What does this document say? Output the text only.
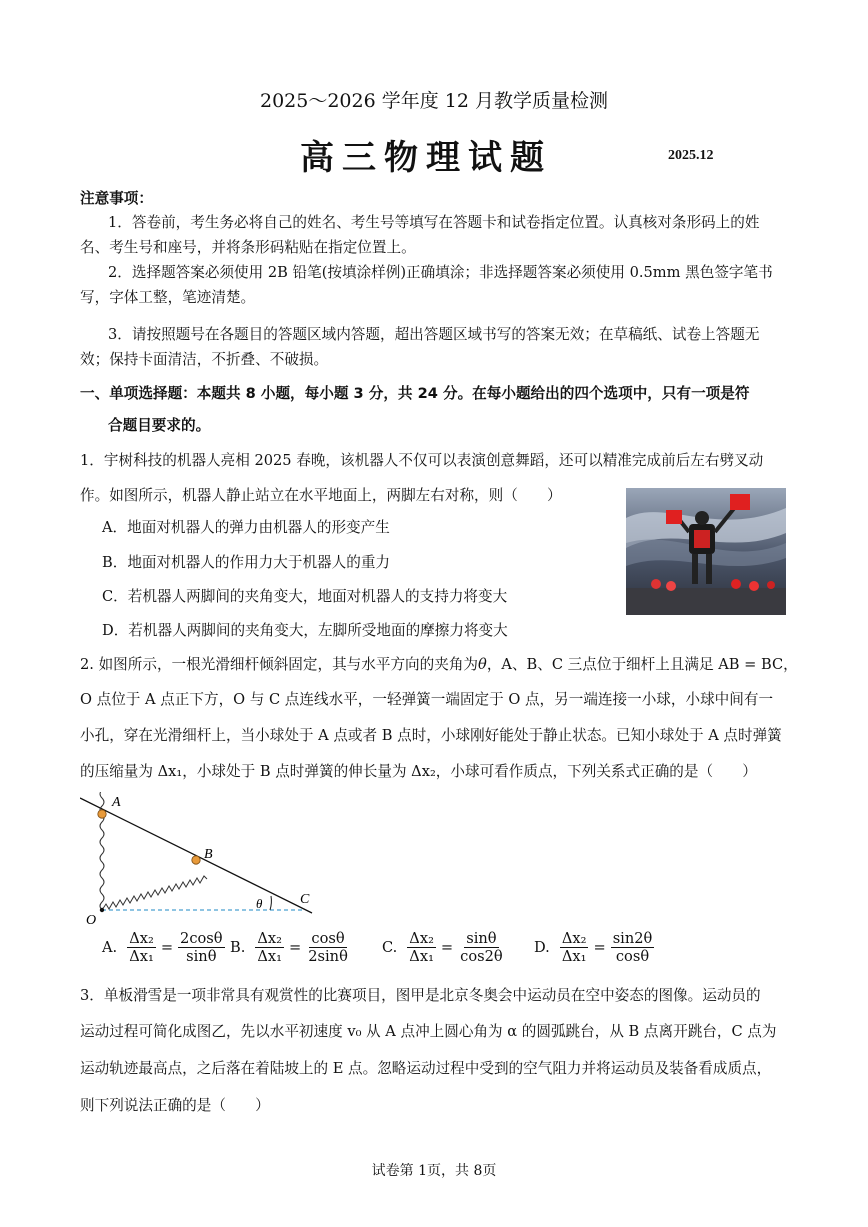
2025～2026 学年度 12 月教学质量检测
高三物理试题	2025.12
注意事项：
1．答卷前，考生务必将自己的姓名、考生号等填写在答题卡和试卷指定位置。认真核对条形码上的姓
名、考生号和座号，并将条形码粘贴在指定位置上。
2．选择题答案必须使用 2B 铅笔(按填涂样例)正确填涂；非选择题答案必须使用 0.5mm 黑色签字笔书
写，字体工整，笔迹清楚。
3．请按照题号在各题目的答题区域内答题，超出答题区域书写的答案无效；在草稿纸、试卷上答题无
效；保持卡面清洁，不折叠、不破损。
一、单项选择题：本题共 8 小题，每小题 3 分，共 24 分。在每小题给出的四个选项中，只有一项是符
合题目要求的。
1．宇树科技的机器人亮相 2025 春晚，该机器人不仅可以表演创意舞蹈，还可以精准完成前后左右劈叉动
作。如图所示，机器人静止站立在水平地面上，两脚左右对称，则（　　）
A．地面对机器人的弹力由机器人的形变产生
B．地面对机器人的作用力大于机器人的重力
C．若机器人两脚间的夹角变大，地面对机器人的支持力将变大
D．若机器人两脚间的夹角变大，左脚所受地面的摩擦力将变大
2. 如图所示，一根光滑细杆倾斜固定，其与水平方向的夹角为θ，A、B、C 三点位于细杆上且满足 AB = BC，
O 点位于 A 点正下方，O 与 C 点连线水平，一轻弹簧一端固定于 O 点，另一端连接一小球，小球中间有一
小孔，穿在光滑细杆上，当小球处于 A 点或者 B 点时，小球刚好能处于静止状态。已知小球处于 A 点时弹簧
的压缩量为 Δx₁，小球处于 B 点时弹簧的伸长量为 Δx₂，小球可看作质点，下列关系式正确的是（　　）
A
B
C
O
θ
A. $\frac{\text{Δx₂}}{\text{Δx₁}} = \frac{2\cos\theta}{\sin\theta} B$. $\frac{\text{Δx₂}}{\text{Δx₁}} = \frac{\cos\theta}{2\sin\theta} C$. $\frac{\text{Δx₂}}{\text{Δx₁}} = \frac{\sin\theta}{\cos 2\theta} D$. $\frac{\text{Δx₂}}{\text{Δx₁}} = \frac{\sin 2\theta}{\cos\theta}$
3．单板滑雪是一项非常具有观赏性的比赛项目，图甲是北京冬奥会中运动员在空中姿态的图像。运动员的
运动过程可简化成图乙，先以水平初速度 v₀ 从 A 点冲上圆心角为 α 的圆弧跳台，从 B 点离开跳台，C 点为
运动轨迹最高点，之后落在着陆坡上的 E 点。忽略运动过程中受到的空气阻力并将运动员及装备看成质点，
则下列说法正确的是（　　）
试卷第 1页，共 8页
